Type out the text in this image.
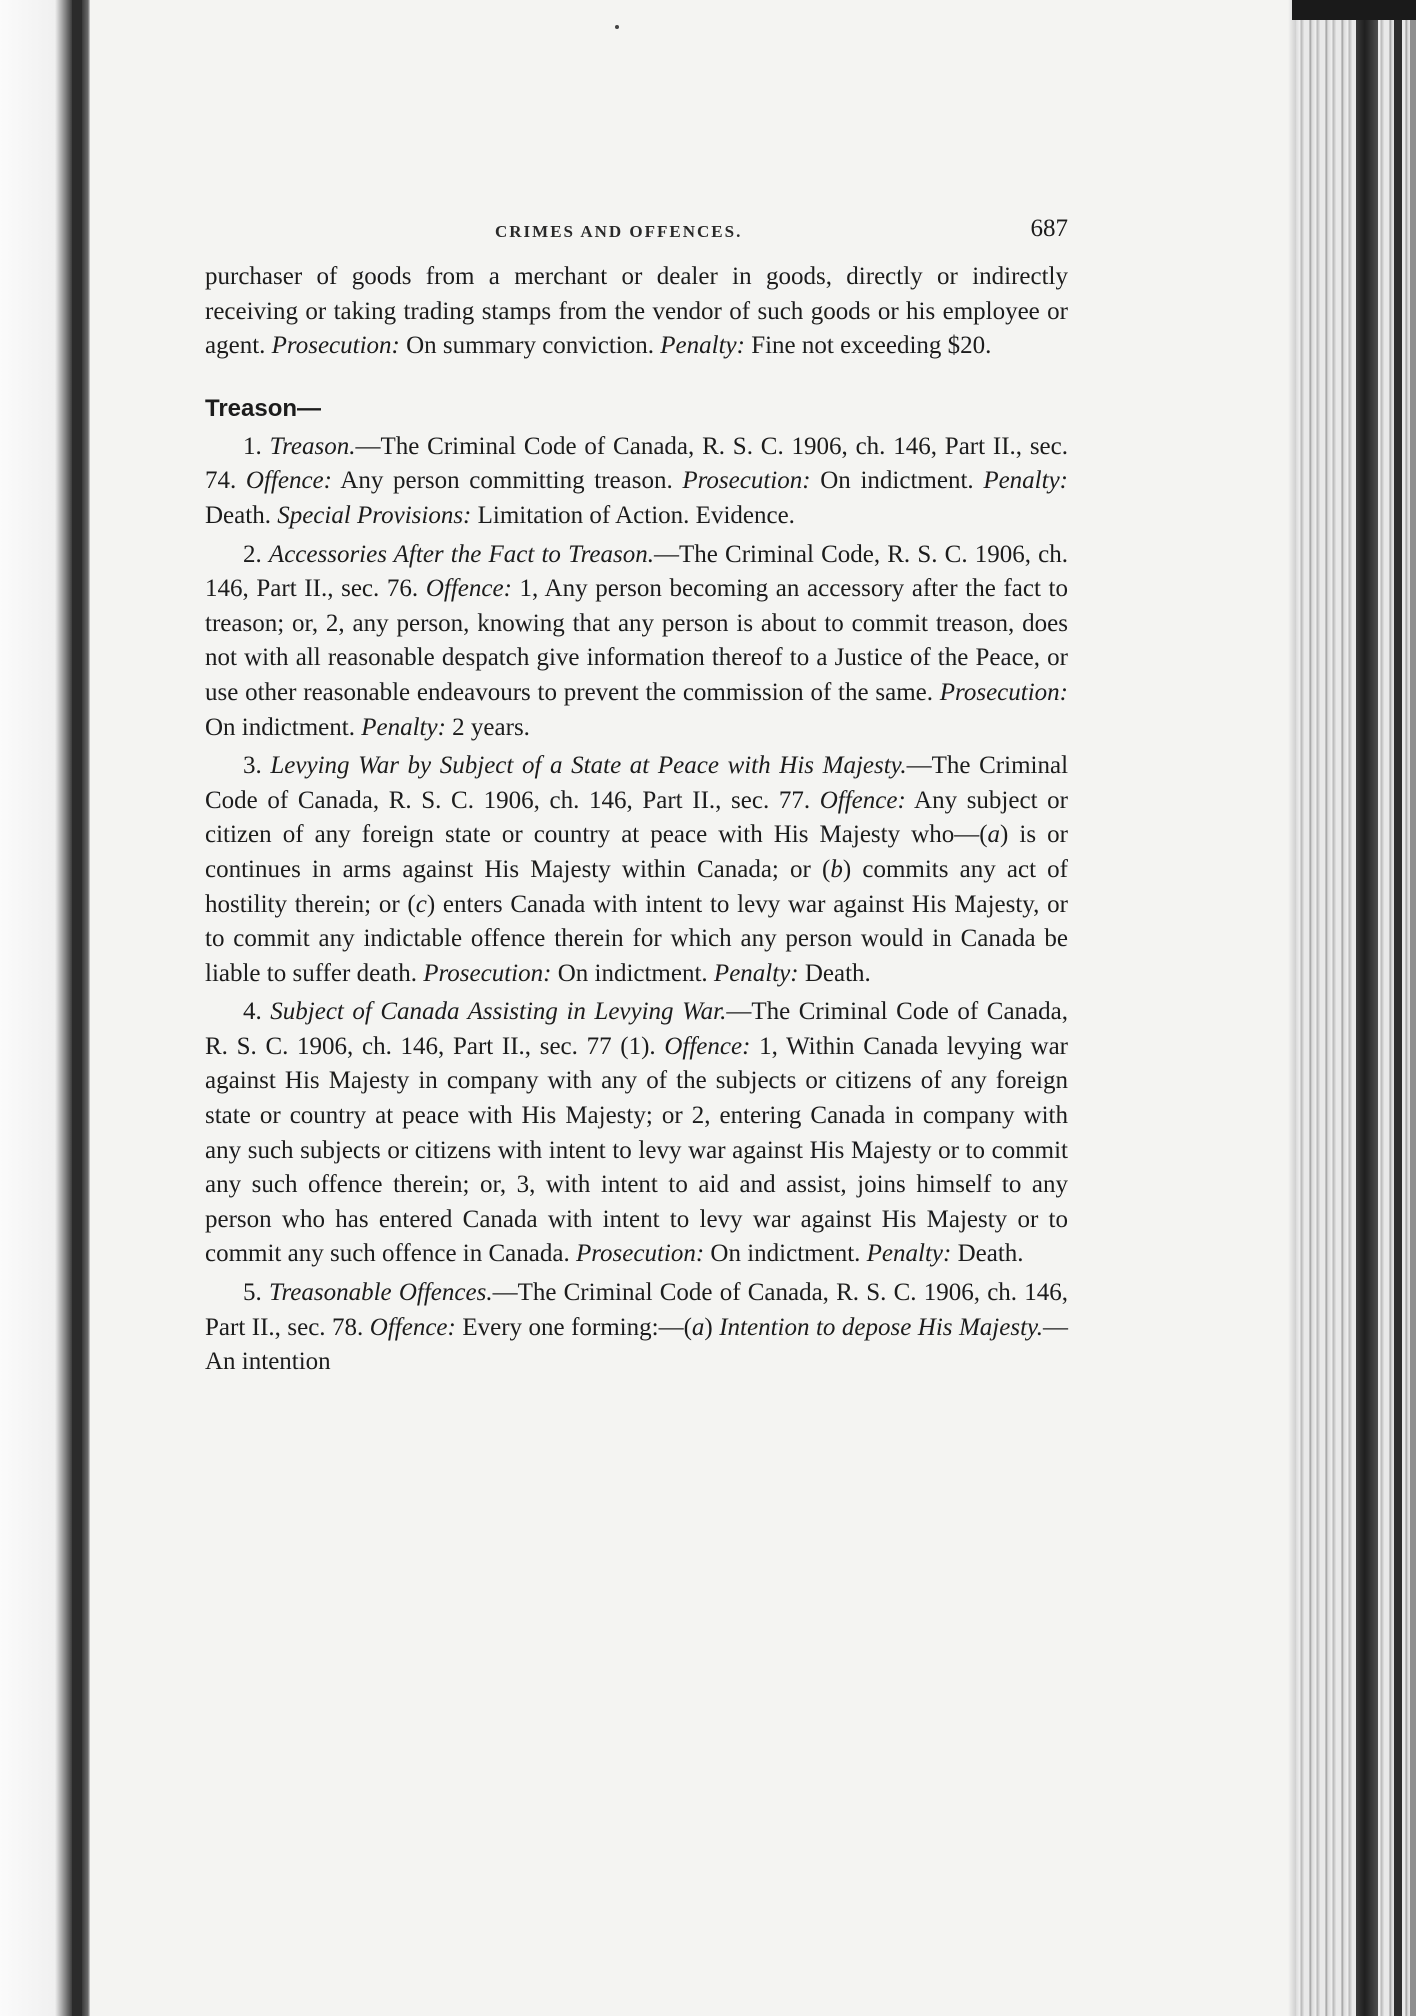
CRIMES AND OFFENCES.	687

purchaser of goods from a merchant or dealer in goods, directly or indirectly receiving or taking trading stamps from the vendor of such goods or his employee or agent. Prosecution: On summary conviction. Penalty: Fine not exceeding $20.

Treason—

1. Treason.—The Criminal Code of Canada, R. S. C. 1906, ch. 146, Part II., sec. 74. Offence: Any person committing treason. Prosecution: On indictment. Penalty: Death. Special Provisions: Limitation of Action. Evidence.

2. Accessories After the Fact to Treason.—The Criminal Code, R. S. C. 1906, ch. 146, Part II., sec. 76. Offence: 1, Any person becoming an accessory after the fact to treason; or, 2, any person, knowing that any person is about to commit treason, does not with all reasonable despatch give information thereof to a Justice of the Peace, or use other reasonable endeavours to prevent the commission of the same. Prosecution: On indictment. Penalty: 2 years.

3. Levying War by Subject of a State at Peace with His Majesty.—The Criminal Code of Canada, R. S. C. 1906, ch. 146, Part II., sec. 77. Offence: Any subject or citizen of any foreign state or country at peace with His Majesty who—(a) is or continues in arms against His Majesty within Canada; or (b) commits any act of hostility therein; or (c) enters Canada with intent to levy war against His Majesty, or to commit any indictable offence therein for which any person would in Canada be liable to suffer death. Prosecution: On indictment. Penalty: Death.

4. Subject of Canada Assisting in Levying War.—The Criminal Code of Canada, R. S. C. 1906, ch. 146, Part II., sec. 77 (1). Offence: 1, Within Canada levying war against His Majesty in company with any of the subjects or citizens of any foreign state or country at peace with His Majesty; or 2, entering Canada in company with any such subjects or citizens with intent to levy war against His Majesty or to commit any such offence therein; or, 3, with intent to aid and assist, joins himself to any person who has entered Canada with intent to levy war against His Majesty or to commit any such offence in Canada. Prosecution: On indictment. Penalty: Death.

5. Treasonable Offences.—The Criminal Code of Canada, R. S. C. 1906, ch. 146, Part II., sec. 78. Offence: Every one forming:—(a) Intention to depose His Majesty.—An intention
